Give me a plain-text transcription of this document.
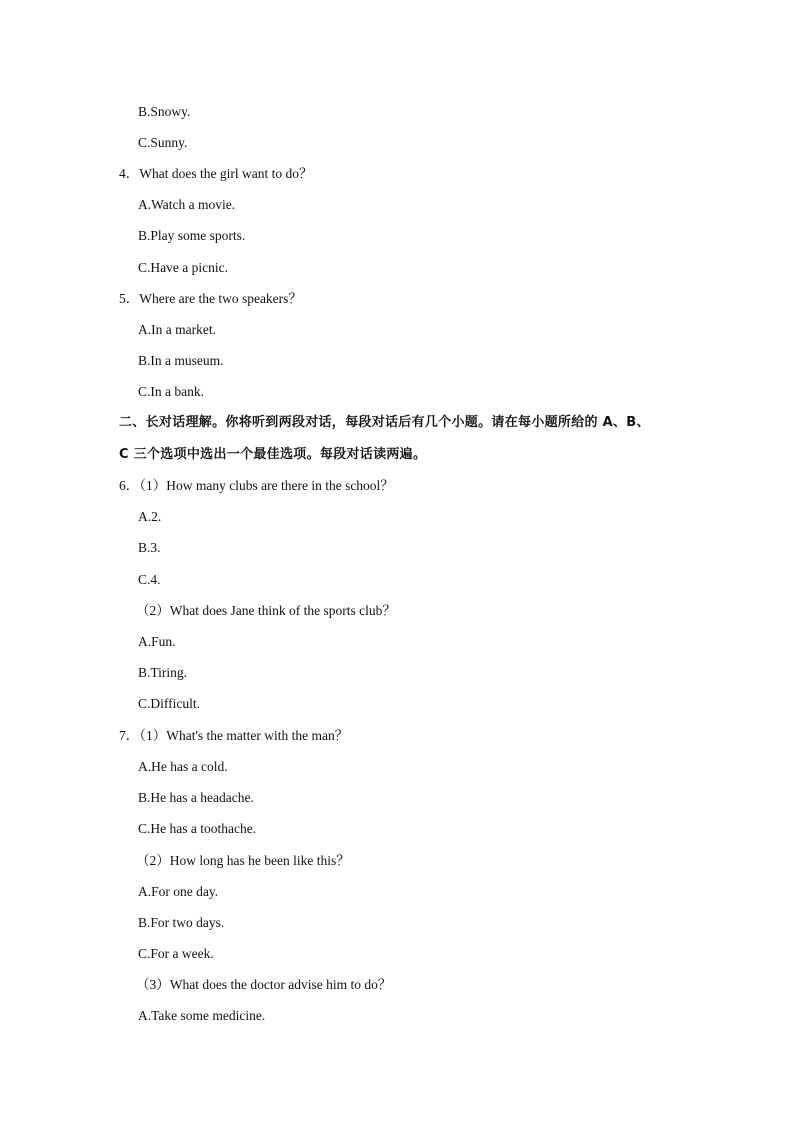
B.Snowy.
C.Sunny.
4．What does the girl want to do？
A.Watch a movie.
B.Play some sports.
C.Have a picnic.
5．Where are the two speakers？
A.In a market.
B.In a museum.
C.In a bank.
二、长对话理解。你将听到两段对话，每段对话后有几个小题。请在每小题所给的 A、B、
C 三个选项中选出一个最佳选项。每段对话读两遍。
6．（1）How many clubs are there in the school？
A.2.
B.3.
C.4.
（2）What does Jane think of the sports club？
A.Fun.
B.Tiring.
C.Difficult.
7．（1）What's the matter with the man？
A.He has a cold.
B.He has a headache.
C.He has a toothache.
（2）How long has he been like this？
A.For one day.
B.For two days.
C.For a week.
（3）What does the doctor advise him to do？
A.Take some medicine.
